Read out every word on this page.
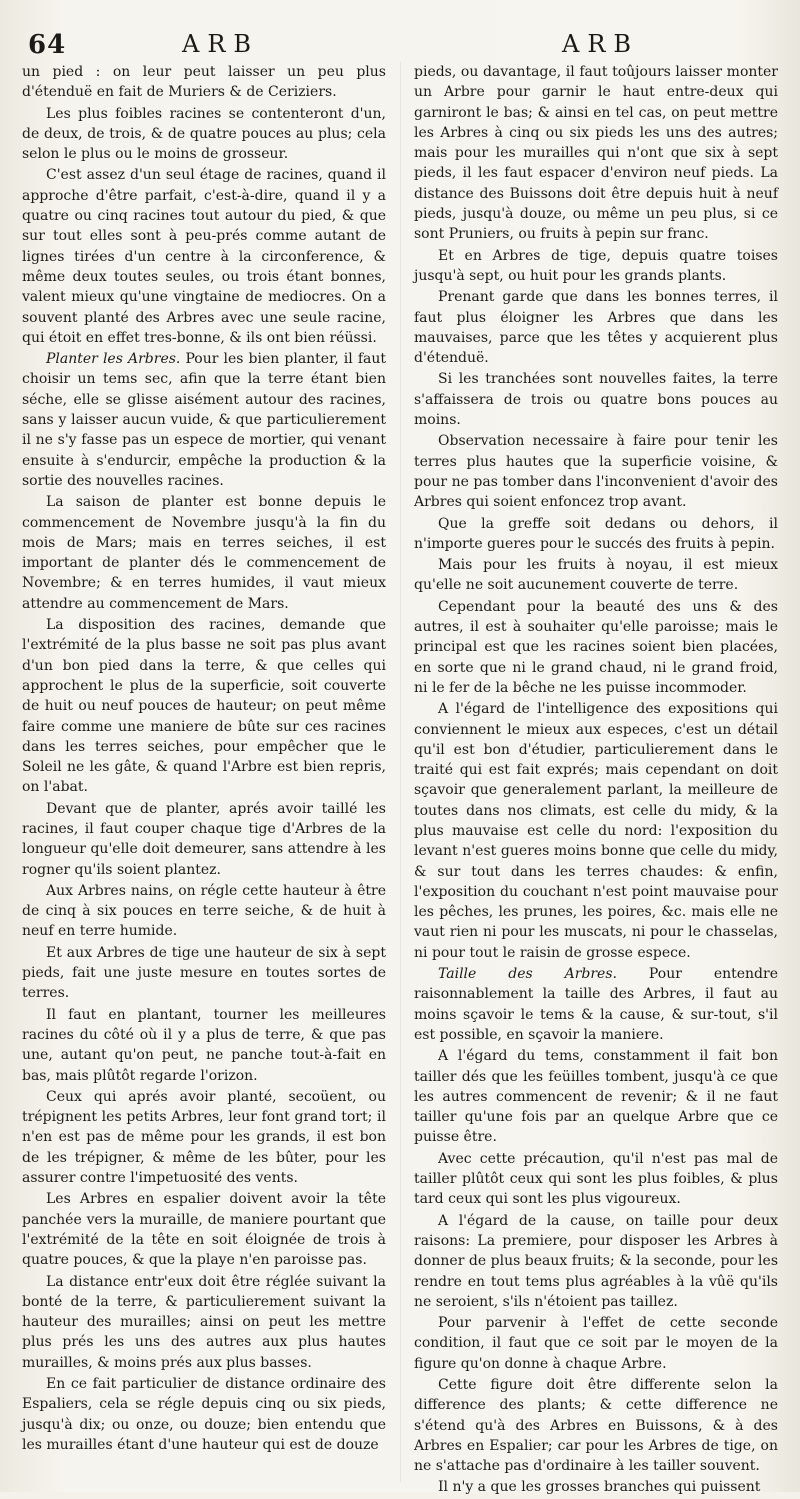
64	ARB	ARB

un pied : on leur peut laisser un peu plus d'étenduë en fait de Muriers & de Ceriziers.

Les plus foibles racines se contenteront d'un, de deux, de trois, & de quatre pouces au plus; cela selon le plus ou le moins de grosseur.

C'est assez d'un seul étage de racines, quand il approche d'être parfait, c'est-à-dire, quand il y a quatre ou cinq racines tout autour du pied, & que sur tout elles sont à peu-prés comme autant de lignes tirées d'un centre à la circonference, & même deux toutes seules, ou trois étant bonnes, valent mieux qu'une vingtaine de mediocres. On a souvent planté des Arbres avec une seule racine, qui étoit en effet tres-bonne, & ils ont bien réüssi.

Planter les Arbres. Pour les bien planter, il faut choisir un tems sec, afin que la terre étant bien séche, elle se glisse aisément autour des racines, sans y laisser aucun vuide, & que particulierement il ne s'y fasse pas un espece de mortier, qui venant ensuite à s'endurcir, empêche la production & la sortie des nouvelles racines.

La saison de planter est bonne depuis le commencement de Novembre jusqu'à la fin du mois de Mars; mais en terres seiches, il est important de planter dés le commencement de Novembre; & en terres humides, il vaut mieux attendre au commencement de Mars.

La disposition des racines, demande que l'extrémité de la plus basse ne soit pas plus avant d'un bon pied dans la terre, & que celles qui approchent le plus de la superficie, soit couverte de huit ou neuf pouces de hauteur; on peut même faire comme une maniere de bûte sur ces racines dans les terres seiches, pour empêcher que le Soleil ne les gâte, & quand l'Arbre est bien repris, on l'abat.

Devant que de planter, aprés avoir taillé les racines, il faut couper chaque tige d'Arbres de la longueur qu'elle doit demeurer, sans attendre à les rogner qu'ils soient plantez.

Aux Arbres nains, on régle cette hauteur à être de cinq à six pouces en terre seiche, & de huit à neuf en terre humide.

Et aux Arbres de tige une hauteur de six à sept pieds, fait une juste mesure en toutes sortes de terres.

Il faut en plantant, tourner les meilleures racines du côté où il y a plus de terre, & que pas une, autant qu'on peut, ne panche tout-à-fait en bas, mais plûtôt regarde l'orizon.

Ceux qui aprés avoir planté, secoüent, ou trépignent les petits Arbres, leur font grand tort; il n'en est pas de même pour les grands, il est bon de les trépigner, & même de les bûter, pour les assurer contre l'impetuosité des vents.

Les Arbres en espalier doivent avoir la tête panchée vers la muraille, de maniere pourtant que l'extrémité de la tête en soit éloignée de trois à quatre pouces, & que la playe n'en paroisse pas.

La distance entr'eux doit être réglée suivant la bonté de la terre, & particulierement suivant la hauteur des murailles; ainsi on peut les mettre plus prés les uns des autres aux plus hautes murailles, & moins prés aux plus basses.

En ce fait particulier de distance ordinaire des Espaliers, cela se régle depuis cinq ou six pieds, jusqu'à dix; ou onze, ou douze; bien entendu que les murailles étant d'une hauteur qui est de douze

pieds, ou davantage, il faut toûjours laisser monter un Arbre pour garnir le haut entre-deux qui garniront le bas; & ainsi en tel cas, on peut mettre les Arbres à cinq ou six pieds les uns des autres; mais pour les murailles qui n'ont que six à sept pieds, il les faut espacer d'environ neuf pieds. La distance des Buissons doit être depuis huit à neuf pieds, jusqu'à douze, ou même un peu plus, si ce sont Pruniers, ou fruits à pepin sur franc.

Et en Arbres de tige, depuis quatre toises jusqu'à sept, ou huit pour les grands plants.

Prenant garde que dans les bonnes terres, il faut plus éloigner les Arbres que dans les mauvaises, parce que les têtes y acquierent plus d'étenduë.

Si les tranchées sont nouvelles faites, la terre s'affaissera de trois ou quatre bons pouces au moins.

Observation necessaire à faire pour tenir les terres plus hautes que la superficie voisine, & pour ne pas tomber dans l'inconvenient d'avoir des Arbres qui soient enfoncez trop avant.

Que la greffe soit dedans ou dehors, il n'importe gueres pour le succés des fruits à pepin.

Mais pour les fruits à noyau, il est mieux qu'elle ne soit aucunement couverte de terre.

Cependant pour la beauté des uns & des autres, il est à souhaiter qu'elle paroisse; mais le principal est que les racines soient bien placées, en sorte que ni le grand chaud, ni le grand froid, ni le fer de la bêche ne les puisse incommoder.

A l'égard de l'intelligence des expositions qui conviennent le mieux aux especes, c'est un détail qu'il est bon d'étudier, particulierement dans le traité qui est fait exprés; mais cependant on doit sçavoir que generalement parlant, la meilleure de toutes dans nos climats, est celle du midy, & la plus mauvaise est celle du nord: l'exposition du levant n'est gueres moins bonne que celle du midy, & sur tout dans les terres chaudes: & enfin, l'exposition du couchant n'est point mauvaise pour les pêches, les prunes, les poires, &c. mais elle ne vaut rien ni pour les muscats, ni pour le chasselas, ni pour tout le raisin de grosse espece.

Taille des Arbres. Pour entendre raisonnablement la taille des Arbres, il faut au moins sçavoir le tems & la cause, & sur-tout, s'il est possible, en sçavoir la maniere.

A l'égard du tems, constamment il fait bon tailler dés que les feüilles tombent, jusqu'à ce que les autres commencent de revenir; & il ne faut tailler qu'une fois par an quelque Arbre que ce puisse être.

Avec cette précaution, qu'il n'est pas mal de tailler plûtôt ceux qui sont les plus foibles, & plus tard ceux qui sont les plus vigoureux.

A l'égard de la cause, on taille pour deux raisons: La premiere, pour disposer les Arbres à donner de plus beaux fruits; & la seconde, pour les rendre en tout tems plus agréables à la vûë qu'ils ne seroient, s'ils n'étoient pas taillez.

Pour parvenir à l'effet de cette seconde condition, il faut que ce soit par le moyen de la figure qu'on donne à chaque Arbre.

Cette figure doit être differente selon la difference des plants; & cette difference ne s'étend qu'à des Arbres en Buissons, & à des Arbres en Espalier; car pour les Arbres de tige, on ne s'attache pas d'ordinaire à les tailler souvent.

Il n'y a que les grosses branches qui puissent
